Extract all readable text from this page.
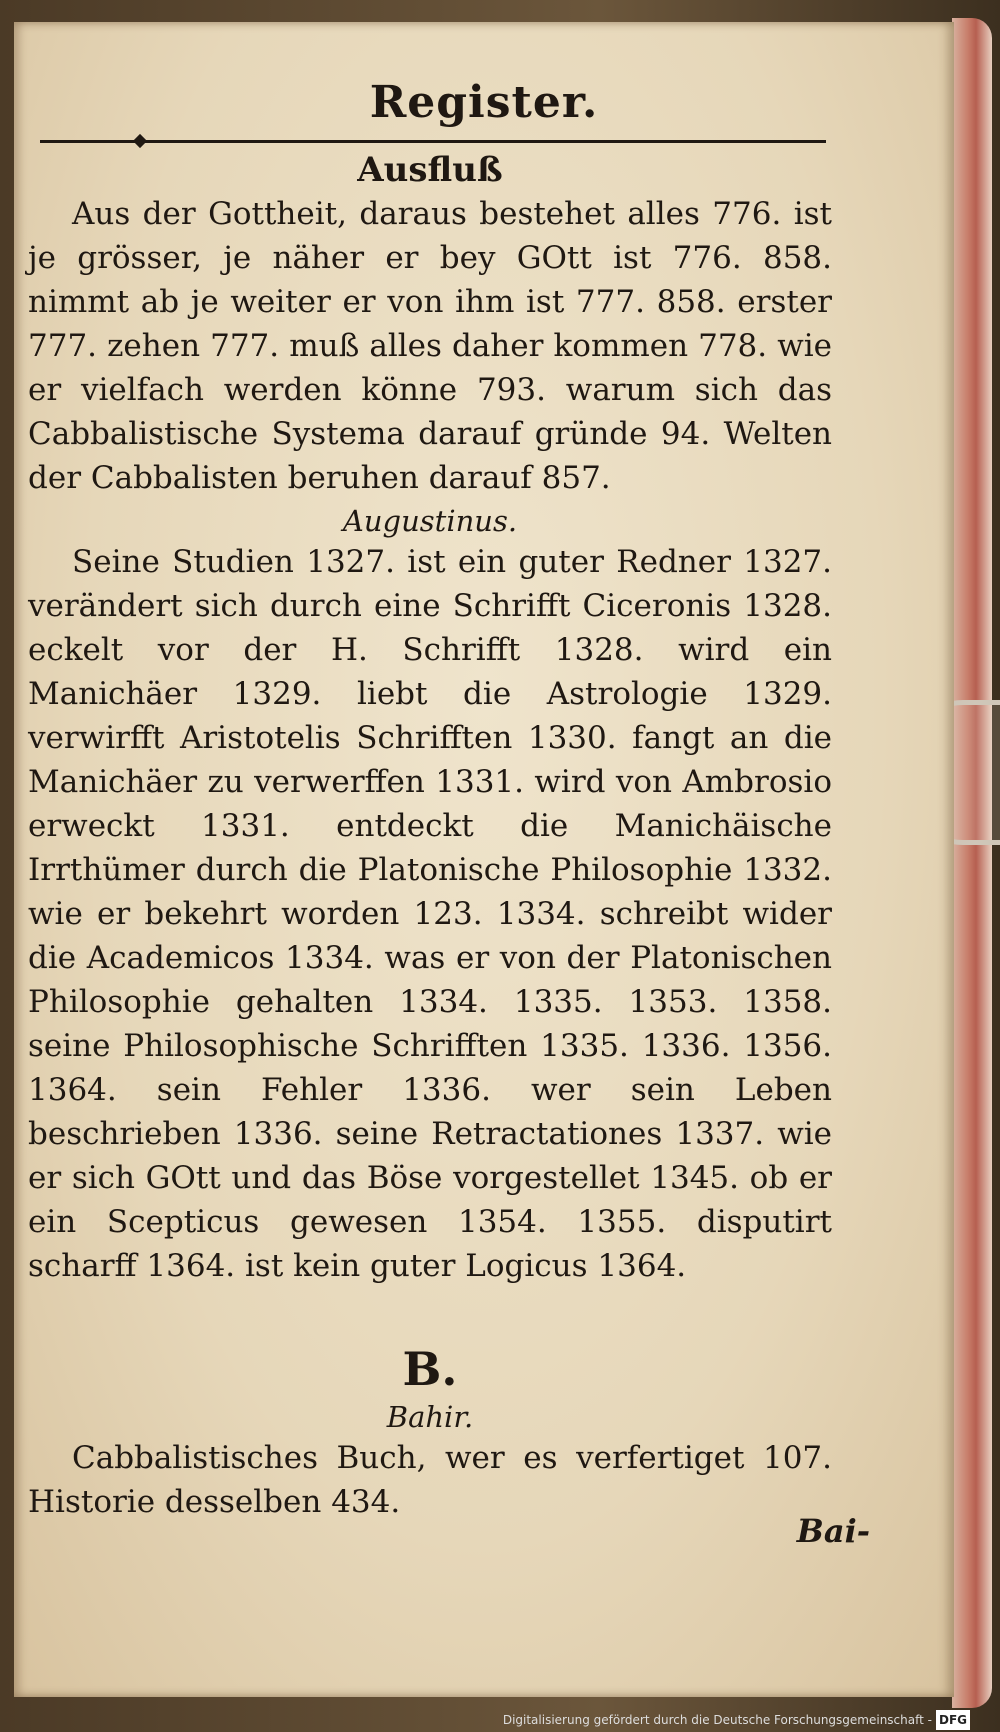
Register.
Ausfluß

Aus der Gottheit, daraus bestehet alles 776. ist je grösser, je näher er bey GOtt ist 776. 858. nimmt ab je weiter er von ihm ist 777. 858. erster 777. zehen 777. muß alles daher kommen 778. wie er vielfach werden könne 793. warum sich das Cabbalistische Systema darauf gründe 94. Welten der Cabbalisten beruhen darauf 857.

Augustinus.

Seine Studien 1327. ist ein guter Redner 1327. verändert sich durch eine Schrifft Ciceronis 1328. eckelt vor der H. Schrifft 1328. wird ein Manichäer 1329. liebt die Astrologie 1329. verwirfft Aristotelis Schrifften 1330. fangt an die Manichäer zu verwerffen 1331. wird von Ambrosio erweckt 1331. entdeckt die Manichäische Irrthümer durch die Platonische Philosophie 1332. wie er bekehrt worden 123. 1334. schreibt wider die Academicos 1334. was er von der Platonischen Philosophie gehalten 1334. 1335. 1353. 1358. seine Philosophische Schrifften 1335. 1336. 1356. 1364. sein Fehler 1336. wer sein Leben beschrieben 1336. seine Retractationes 1337. wie er sich GOtt und das Böse vorgestellet 1345. ob er ein Scepticus gewesen 1354. 1355. disputirt scharff 1364. ist kein guter Logicus 1364.

B.
Bahir.

Cabbalistisches Buch, wer es verfertiget 107. Historie desselben 434.

Bai-
Digitalisierung gefördert durch die Deutsche Forschungsgemeinschaft - DFG
